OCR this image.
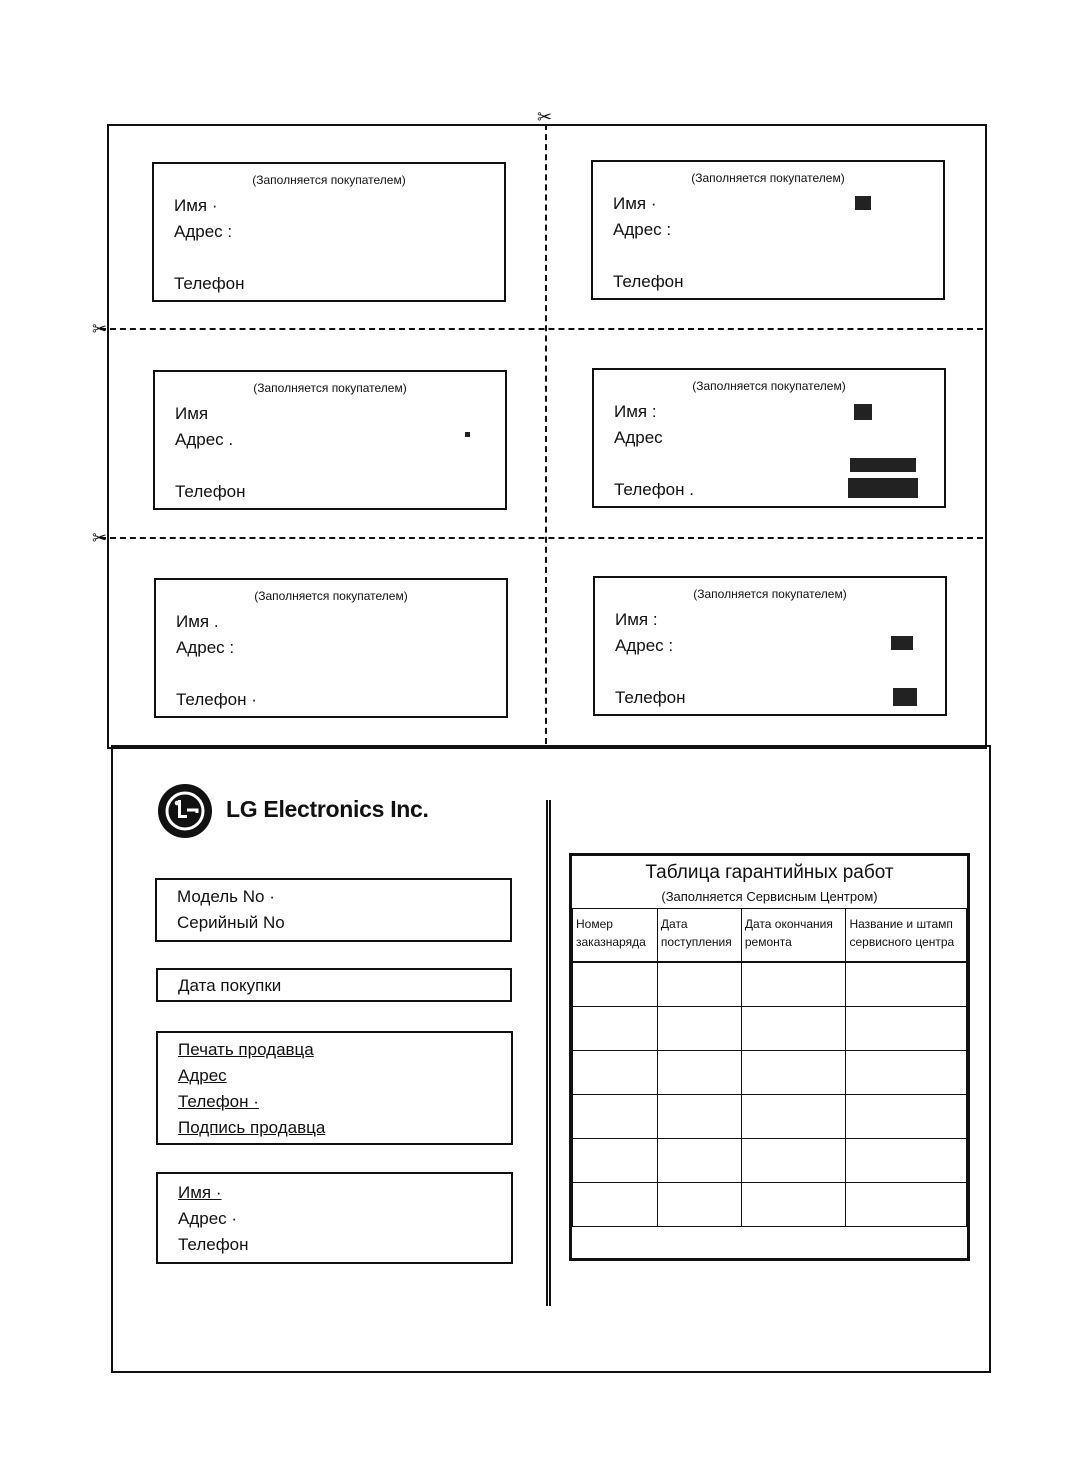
✂
✂
✂
(Заполняется покупателем)
Имя ·
Адрес :
Телефон
(Заполняется покупателем)
Имя ·
Адрес :
Телефон
(Заполняется покупателем)
Имя
Адрес .
Телефон
(Заполняется покупателем)
Имя :
Адрес
Телефон .
(Заполняется покупателем)
Имя .
Адрес :
Телефон ·
(Заполняется покупателем)
Имя :
Адрес :
Телефон
LG Electronics Inc.
Модель No ·
Серийный No
Дата покупки
Печать продавца
Адрес
Телефон ·
Подпись продавца
Имя ·
Адрес ·
Телефон
Таблица гарантийных работ
(Заполняется Сервисным Центром)
Номер
заказнаряда	Дата
поступления	Дата окончания
ремонта	Название и штамп
сервисного центра
